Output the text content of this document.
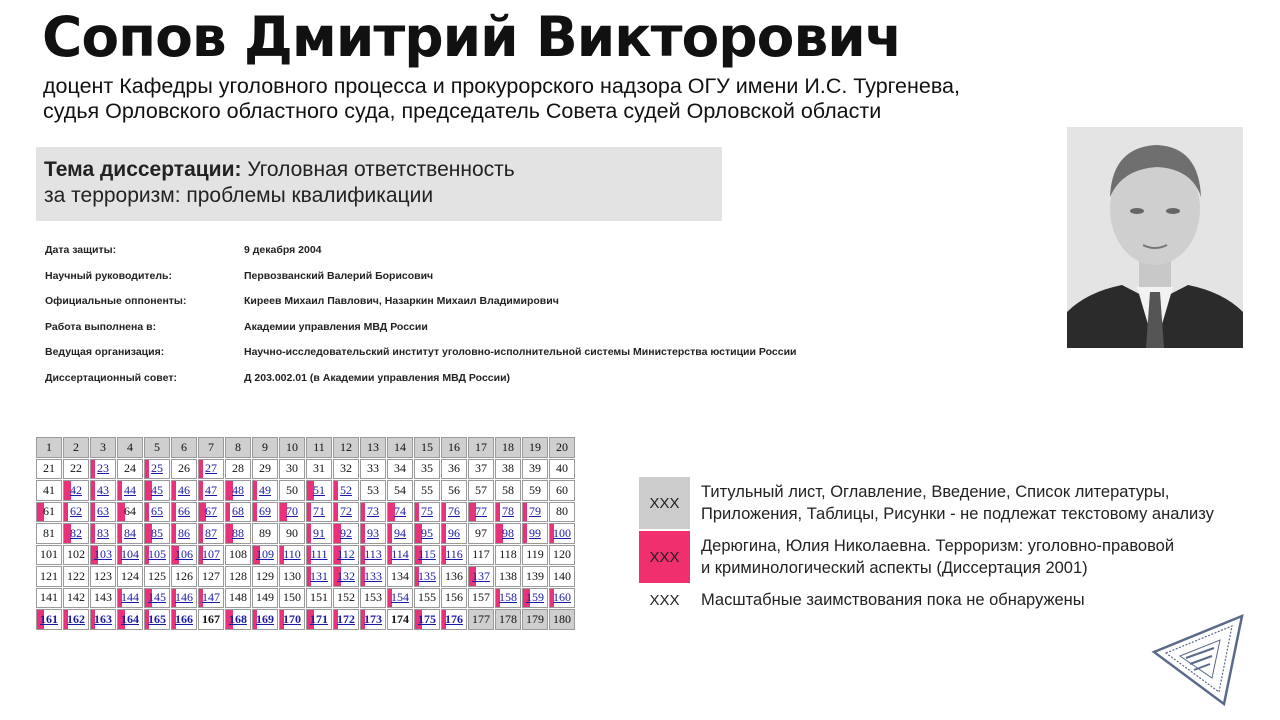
Сопов Дмитрий Викторович
доцент Кафедры уголовного процесса и прокурорского надзора ОГУ имени И.С. Тургенева,
судья Орловского областного суда, председатель Совета судей Орловской области
Тема диссертации: Уголовная ответственность
за терроризм: проблемы квалификации
Дата защиты:	9 декабря 2004
Научный руководитель:	Первозванский Валерий Борисович
Официальные оппоненты:	Киреев Михаил Павлович, Назаркин Михаил Владимирович
Работа выполнена в:	Академии управления МВД России
Ведущая организация:	Научно-исследовательский институт уголовно-исполнительной системы Министерства юстиции России
Диссертационный совет:	Д 203.002.01 (в Академии управления МВД России)
1	2	3	4	5	6	7	8	9	10	11	12	13	14	15	16	17	18	19	20
21	22	23	24	25	26	27	28	29	30	31	32	33	34	35	36	37	38	39	40
41	42	43	44	45	46	47	48	49	50	51	52	53	54	55	56	57	58	59	60
61	62	63	64	65	66	67	68	69	70	71	72	73	74	75	76	77	78	79	80
81	82	83	84	85	86	87	88	89	90	91	92	93	94	95	96	97	98	99	100
101 102 103 104 105 106 107 108 109 110 111 112 113 114 115 116 117 118 119 120
121 122 123 124 125 126 127 128 129 130 131 132 133 134 135 136 137 138 139 140
141 142 143 144 145 146 147 148 149 150 151 152 153 154 155 156 157 158 159 160
161 162 163 164 165 166 167 168 169 170 171 172 173 174 175 176 177 178 179 180
XXX
Титульный лист, Оглавление, Введение, Список литературы,
Приложения, Таблицы, Рисунки - не подлежат текстовому анализу
XXX
Дерюгина, Юлия Николаевна. Терроризм: уголовно-правовой
и криминологический аспекты (Диссертация 2001)
XXX	Масштабные заимствования пока не обнаружены
